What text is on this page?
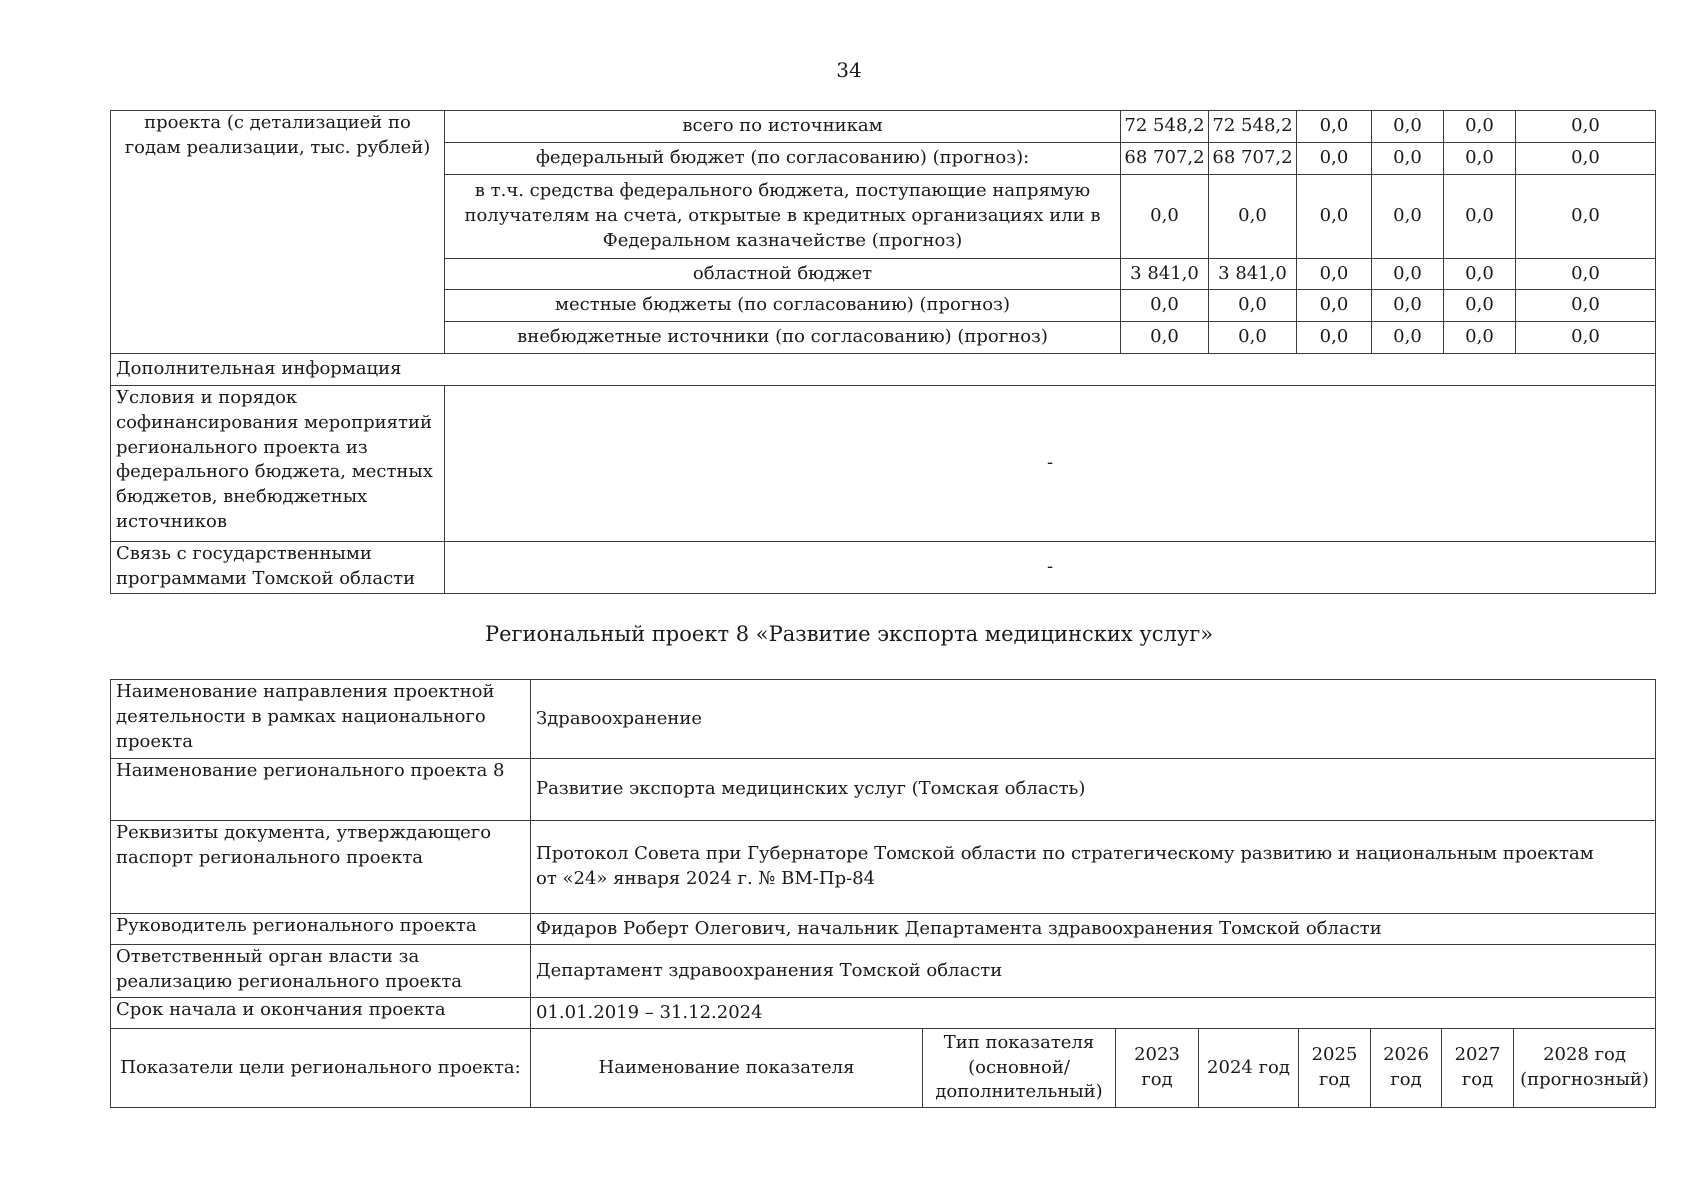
34
проекта (с детализацией по годам реализации, тыс. рублей)	всего по источникам	72 548,2	72 548,2	0,0	0,0	0,0	0,0
	федеральный бюджет (по согласованию) (прогноз):	68 707,2	68 707,2	0,0	0,0	0,0	0,0
	в т.ч. средства федерального бюджета, поступающие напрямую получателям на счета, открытые в кредитных организациях или в Федеральном казначействе (прогноз)	0,0	0,0	0,0	0,0	0,0	0,0
	областной бюджет	3 841,0	3 841,0	0,0	0,0	0,0	0,0
	местные бюджеты (по согласованию) (прогноз)	0,0	0,0	0,0	0,0	0,0	0,0
	внебюджетные источники (по согласованию) (прогноз)	0,0	0,0	0,0	0,0	0,0	0,0
Дополнительная информация							
Условия и порядок софинансирования мероприятий регионального проекта из федерального бюджета, местных бюджетов, внебюджетных источников	-						
Связь с государственными программами Томской области	-						
Региональный проект 8 «Развитие экспорта медицинских услуг»
Наименование направления проектной деятельности в рамках национального проекта	Здравоохранение							
Наименование регионального проекта 8	Развитие экспорта медицинских услуг (Томская область)							
Реквизиты документа, утверждающего паспорт регионального проекта	Протокол Совета при Губернаторе Томской области по стратегическому развитию и национальным проектам
от «24» января 2024 г. № ВМ-Пр-84							

Руководитель регионального проекта	Фидаров Роберт Олегович, начальник Департамента здравоохранения Томской области							
Ответственный орган власти за реализацию регионального проекта	Департамент здравоохранения Томской области							
Срок начала и окончания проекта	01.01.2019 – 31.12.2024							
Показатели цели регионального проекта:	Наименование показателя	Тип показателя (основной/ дополнительный)	2023 год	2024 год	2025 год	2026 год	2027 год	2028 год (прогнозный)
